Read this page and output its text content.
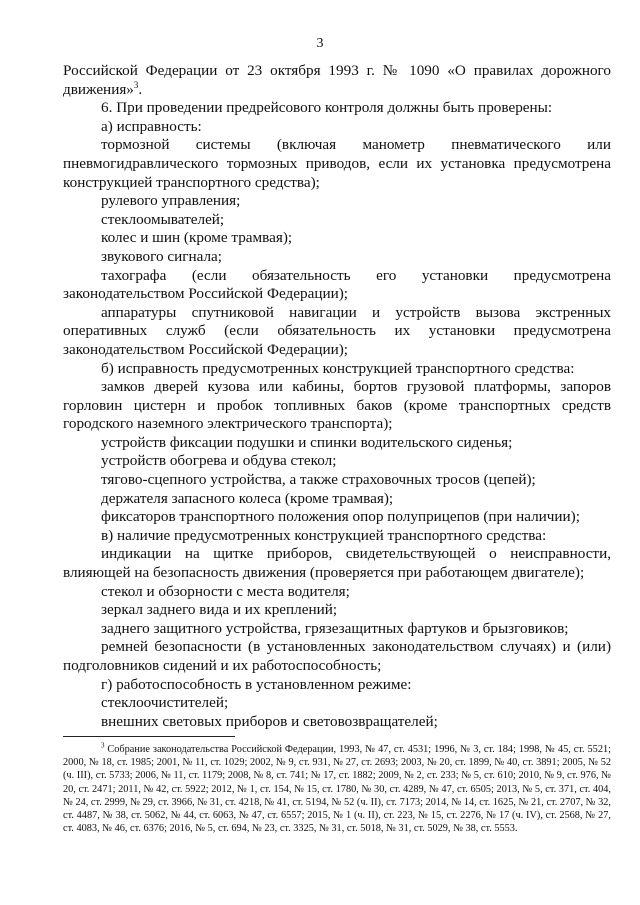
3

Российской Федерации от 23 октября 1993 г. № 1090 «О правилах дорожного движения»$^3$.

6. При проведении предрейсового контроля должны быть проверены:

а) исправность:

тормозной системы (включая манометр пневматического или пневмогидравлического тормозных приводов, если их установка предусмотрена конструкцией транспортного средства);

рулевого управления;

стеклоомывателей;

колес и шин (кроме трамвая);

звукового сигнала;

тахографа (если обязательность его установки предусмотрена законодательством Российской Федерации);

аппаратуры спутниковой навигации и устройств вызова экстренных оперативных служб (если обязательность их установки предусмотрена законодательством Российской Федерации);

б) исправность предусмотренных конструкцией транспортного средства:

замков дверей кузова или кабины, бортов грузовой платформы, запоров горловин цистерн и пробок топливных баков (кроме транспортных средств городского наземного электрического транспорта);

устройств фиксации подушки и спинки водительского сиденья;

устройств обогрева и обдува стекол;

тягово-сцепного устройства, а также страховочных тросов (цепей);

держателя запасного колеса (кроме трамвая);

фиксаторов транспортного положения опор полуприцепов (при наличии);

в) наличие предусмотренных конструкцией транспортного средства:

индикации на щитке приборов, свидетельствующей о неисправности, влияющей на безопасность движения (проверяется при работающем двигателе);

стекол и обзорности с места водителя;

зеркал заднего вида и их креплений;

заднего защитного устройства, грязезащитных фартуков и брызговиков;

ремней безопасности (в установленных законодательством случаях) и (или) подголовников сидений и их работоспособность;

г) работоспособность в установленном режиме:

стеклоочистителей;

внешних световых приборов и световозвращателей;

$^3$ Собрание законодательства Российской Федерации, 1993, № 47, ст. 4531; 1996, № 3, ст. 184; 1998, № 45, ст. 5521; 2000, № 18, ст. 1985; 2001, № 11, ст. 1029; 2002, № 9, ст. 931, № 27, ст. 2693; 2003, № 20, ст. 1899, № 40, ст. 3891; 2005, № 52 (ч. III), ст. 5733; 2006, № 11, ст. 1179; 2008, № 8, ст. 741; № 17, ст. 1882; 2009, № 2, ст. 233; № 5, ст. 610; 2010, № 9, ст. 976, № 20, ст. 2471; 2011, № 42, ст. 5922; 2012, № 1, ст. 154, № 15, ст. 1780, № 30, ст. 4289, № 47, ст. 6505; 2013, № 5, ст. 371, ст. 404, № 24, ст. 2999, № 29, ст. 3966, № 31, ст. 4218, № 41, ст. 5194, № 52 (ч. II), ст. 7173; 2014, № 14, ст. 1625, № 21, ст. 2707, № 32, ст. 4487, № 38, ст. 5062, № 44, ст. 6063, № 47, ст. 6557; 2015, № 1 (ч. II), ст. 223, № 15, ст. 2276, № 17 (ч. IV), ст. 2568, № 27, ст. 4083, № 46, ст. 6376; 2016, № 5, ст. 694, № 23, ст. 3325, № 31, ст. 5018, № 31, ст. 5029, № 38, ст. 5553.
